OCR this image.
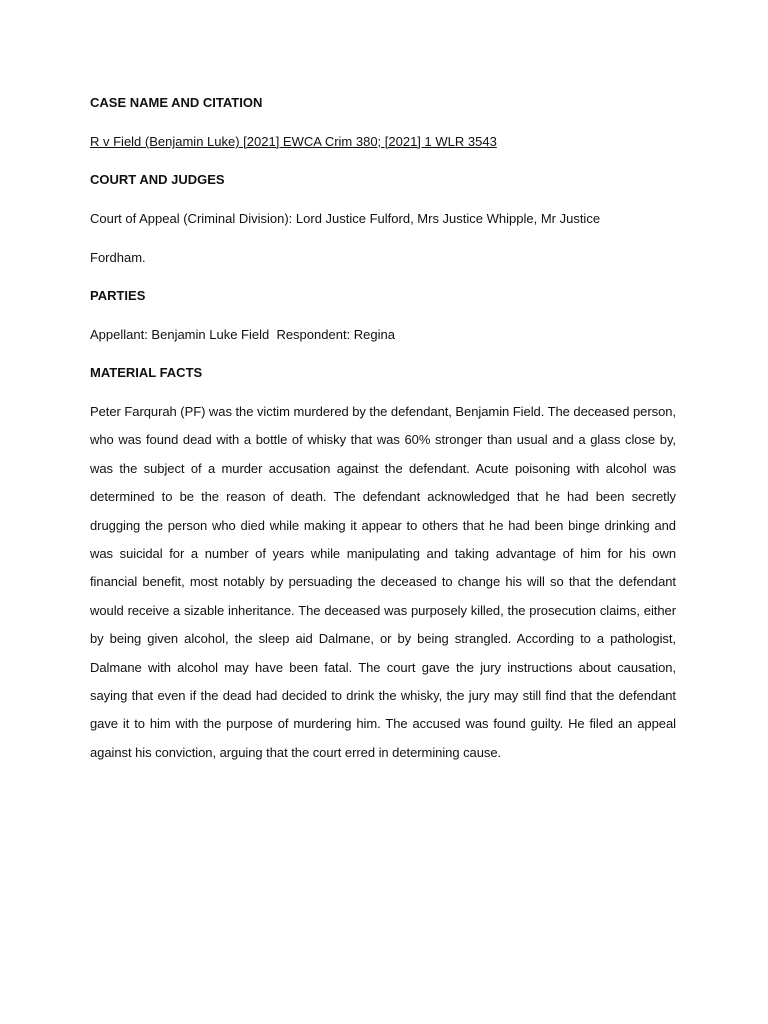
CASE NAME AND CITATION

R v Field (Benjamin Luke) [2021] EWCA Crim 380; [2021] 1 WLR 3543

COURT AND JUDGES

Court of Appeal (Criminal Division): Lord Justice Fulford, Mrs Justice Whipple, Mr Justice

Fordham.

PARTIES

Appellant: Benjamin Luke Field  Respondent: Regina

MATERIAL FACTS

Peter Farqurah (PF) was the victim murdered by the defendant, Benjamin Field. The deceased person, who was found dead with a bottle of whisky that was 60% stronger than usual and a glass close by, was the subject of a murder accusation against the defendant. Acute poisoning with alcohol was determined to be the reason of death. The defendant acknowledged that he had been secretly drugging the person who died while making it appear to others that he had been binge drinking and was suicidal for a number of years while manipulating and taking advantage of him for his own financial benefit, most notably by persuading the deceased to change his will so that the defendant would receive a sizable inheritance. The deceased was purposely killed, the prosecution claims, either by being given alcohol, the sleep aid Dalmane, or by being strangled. According to a pathologist, Dalmane with alcohol may have been fatal. The court gave the jury instructions about causation, saying that even if the dead had decided to drink the whisky, the jury may still find that the defendant gave it to him with the purpose of murdering him. The accused was found guilty. He filed an appeal against his conviction, arguing that the court erred in determining cause.
